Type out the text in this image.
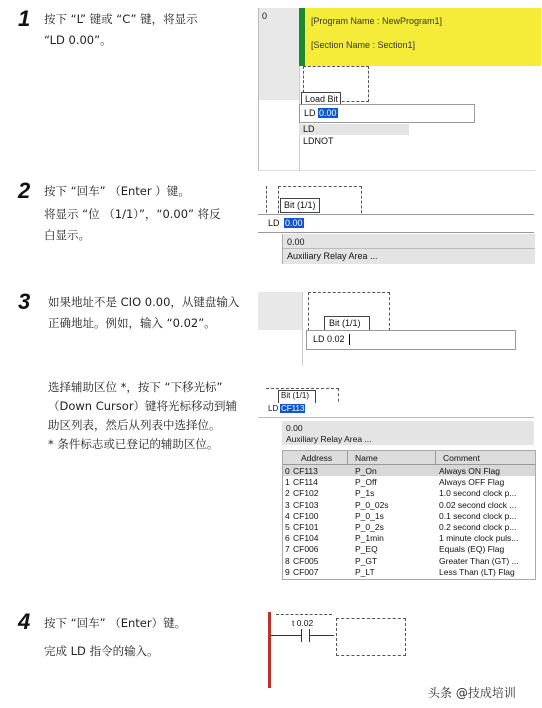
1 按下 “L” 键或 “C” 键，将显示
“LD 0.00”。
0	[Program Name : NewProgram1]
[Section Name : Section1]
Load Bit
LD 0.00
LD
LDNOT
2 按下 “回车” （Enter ）键。
将显示 “位 （1/1）”，“0.00” 将反
白显示。
Bit (1/1)
LD 0.00
0.00
Auxiliary Relay Area ...
3 如果地址不是 CIO 0.00，从键盘输入
正确地址。例如，输入 “0.02”。	Bit (1/1)
LD 0.02
选择辅助区位 *，按下 “下移光标”
（Down Cursor）键将光标移动到辅
助区列表，然后从列表中选择位。
* 条件标志或已登记的辅助区位。
Bit (1/1)
LD CF113
0.00
Auxiliary Relay Area ...
Address	Name	Comment
0 CF113	P_On	Always ON Flag
1 CF114	P_Off	Always OFF Flag
2 CF102	P_1s	1.0 second clock p...
3 CF103	P_0_02s	0.02 second clock ...
4 CF100	P_0_1s	0.1 second clock p...
5 CF101	P_0_2s	0.2 second clock p...
6 CF104	P_1min	1 minute clock puls...
7 CF006	P_EQ	Equals (EQ) Flag
8 CF005	P_GT	Greater Than (GT) ...
9 CF007	P_LT	Less Than (LT) Flag
4 按下 “回车” （Enter）键。
完成 LD 指令的输入。
t 0.02
头条 @技成培训
